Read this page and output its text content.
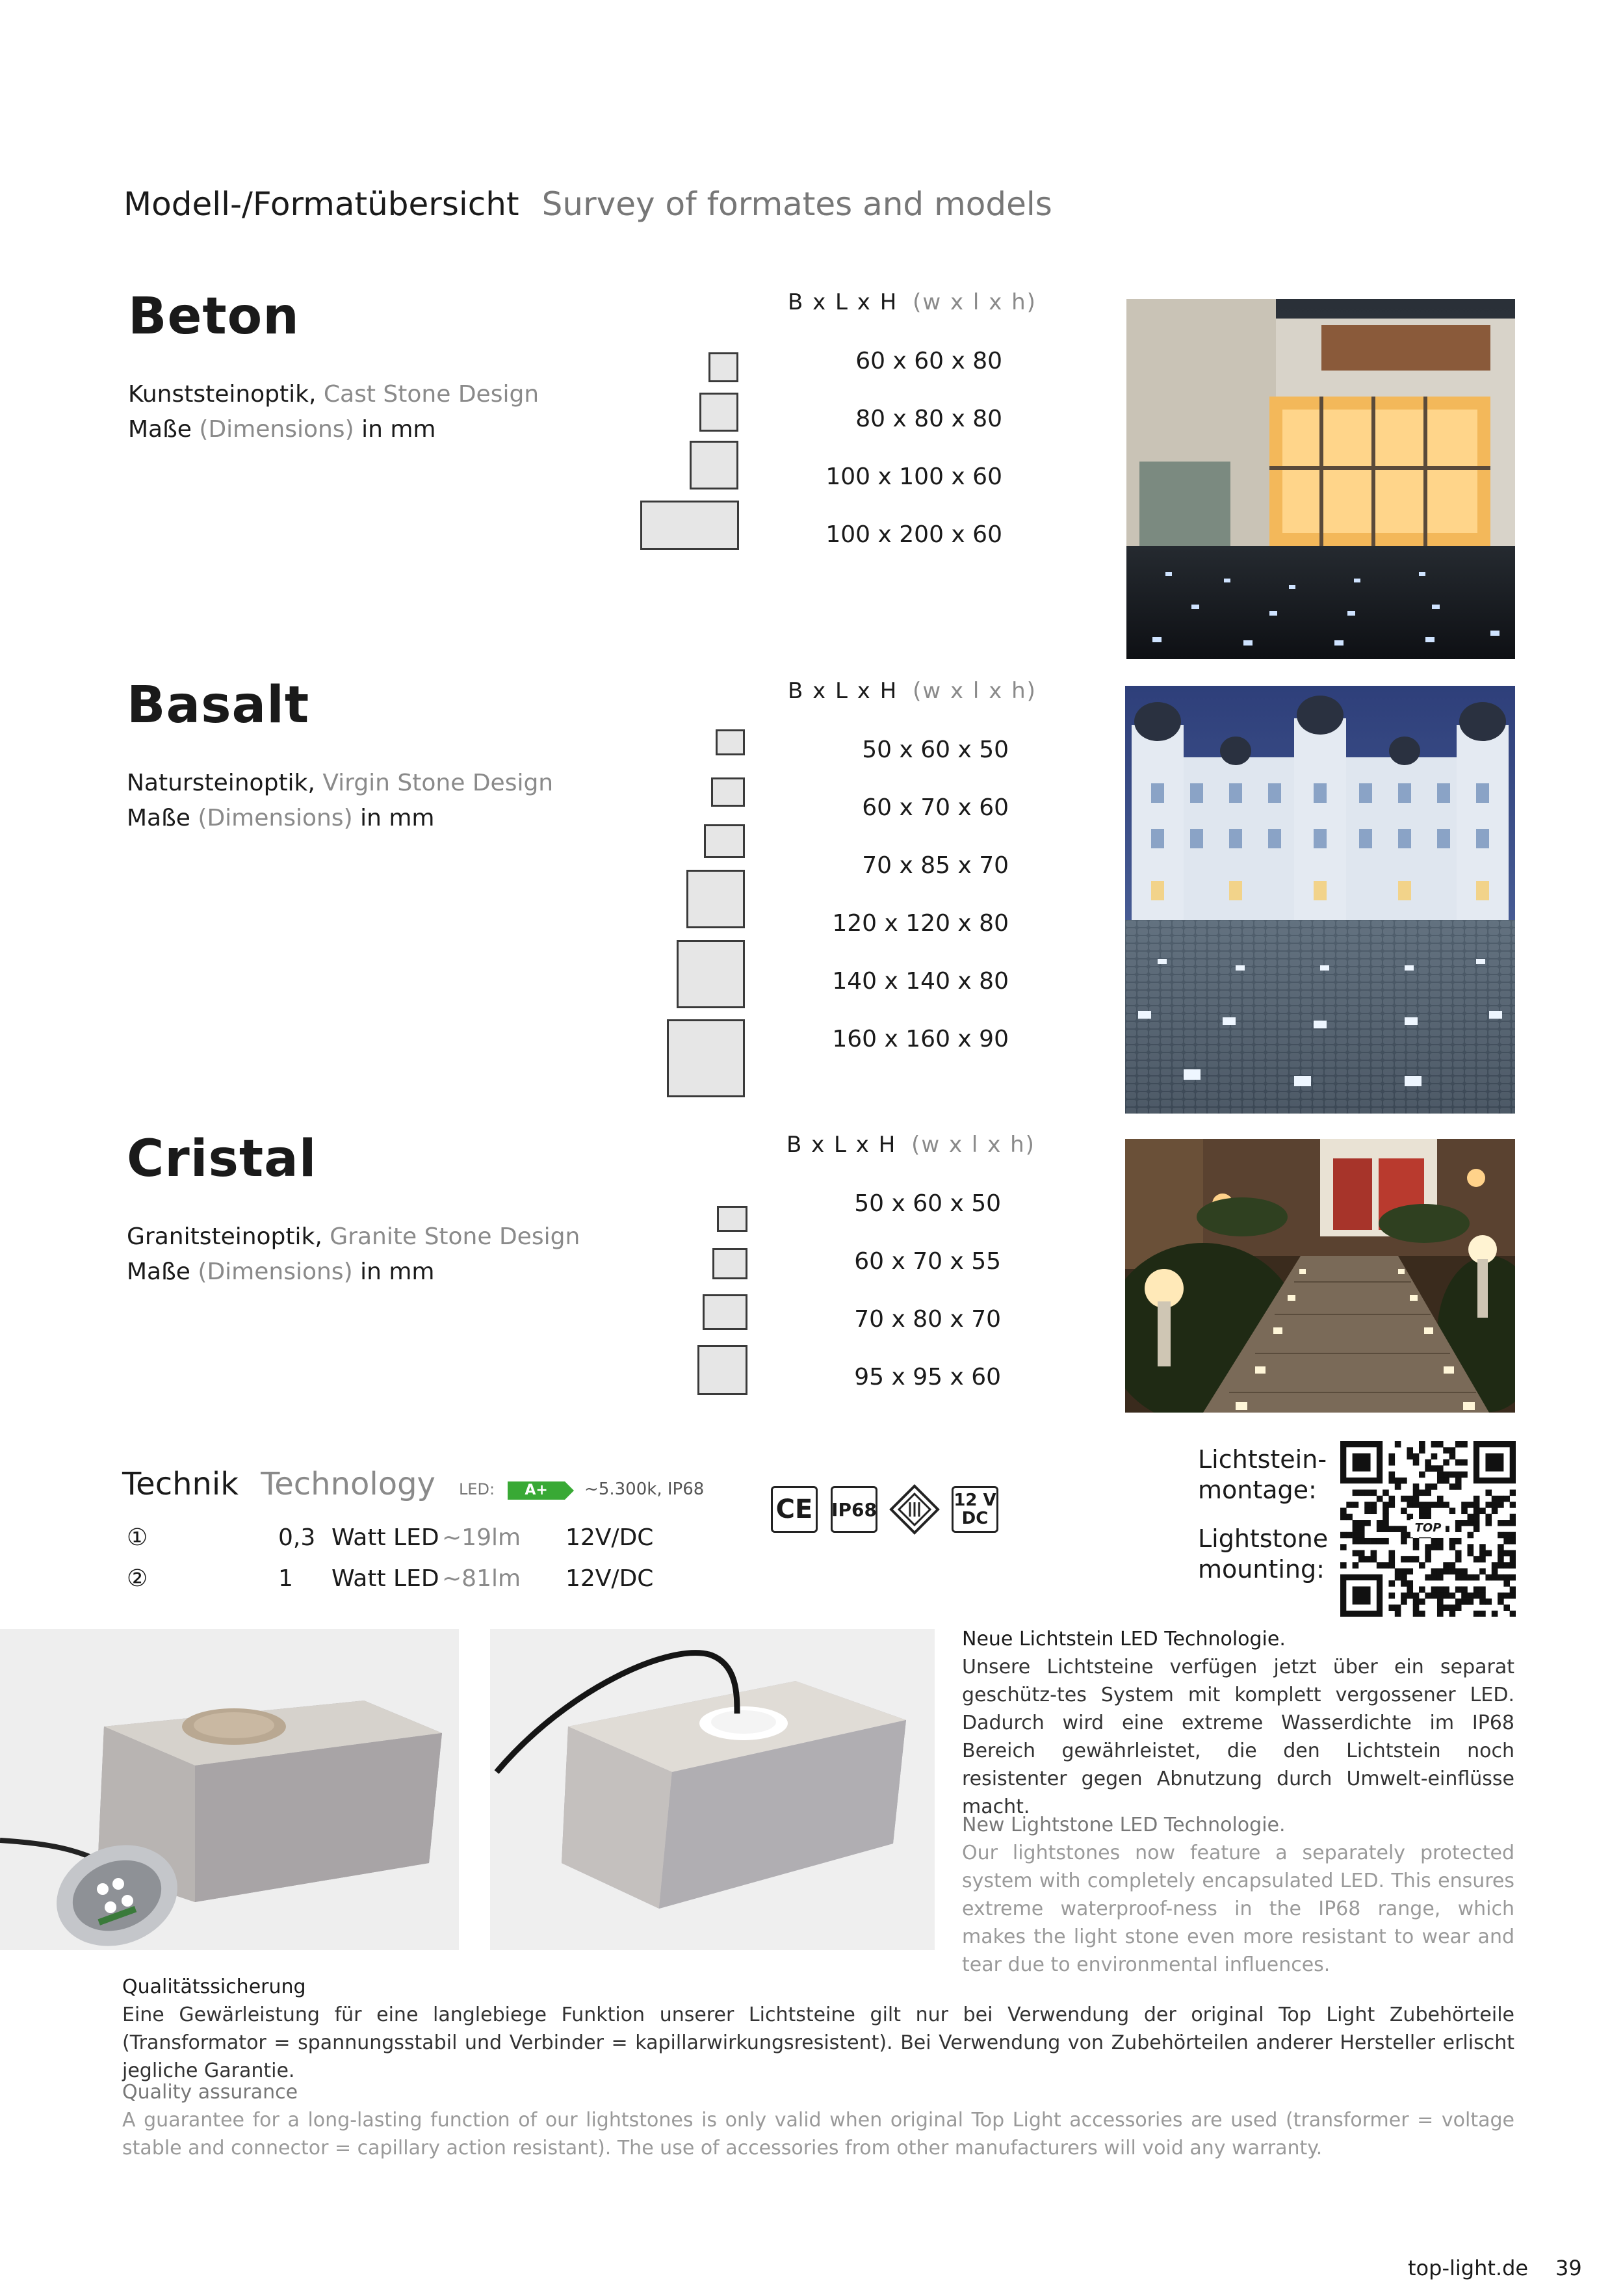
Modell-/Formatübersicht Survey of formates and models
Beton
Kunststeinoptik, Cast Stone Design
Maße (Dimensions) in mm
B x L x H (w x l x h)
60 x 60 x 80
80 x 80 x 80
100 x 100 x 60
100 x 200 x 60
Basalt
Natursteinoptik, Virgin Stone Design
Maße (Dimensions) in mm
B x L x H (w x l x h)
50 x 60 x 50
60 x 70 x 60
70 x 85 x 70
120 x 120 x 80
140 x 140 x 80
160 x 160 x 90
Cristal
Granitsteinoptik, Granite Stone Design
Maße (Dimensions) in mm
B x L x H (w x l x h)
50 x 60 x 50
60 x 70 x 55
70 x 80 x 70
95 x 95 x 60
Technik Technology LED:	A+	~5.300k, IP68
①	0,3 Watt LED ~19lm 12V/DC
②	1 Watt LED ~81lm 12V/DC
CE IP68	12 V
DC
Lichtstein-
montage:
Lightstone
mounting:
TOP
Neue Lichtstein LED Technologie.
Unsere Lichtsteine verfügen jetzt über ein separat geschütz-tes System mit komplett vergossener LED. Dadurch wird eine extreme Wasserdichte im IP68 Bereich gewährleistet, die den Lichtstein noch resistenter gegen Abnutzung durch Umwelt-einflüsse macht.
New Lightstone LED Technologie.
Our lightstones now feature a separately protected system with completely encapsulated LED. This ensures extreme waterproof-ness in the IP68 range, which makes the light stone even more resistant to wear and tear due to environmental influences.
Qualitätssicherung
Eine Gewärleistung für eine langlebiege Funktion unserer Lichtsteine gilt nur bei Verwendung der original Top Light Zubehörteile (Transformator = spannungsstabil und Verbinder = kapillarwirkungsresistent). Bei Verwendung von Zubehörteilen anderer Hersteller erlischt jegliche Garantie.
Quality assurance
A guarantee for a long-lasting function of our lightstones is only valid when original Top Light accessories are used (transformer = voltage stable and connector = capillary action resistant). The use of accessories from other manufacturers will void any warranty.
top-light.de 39
